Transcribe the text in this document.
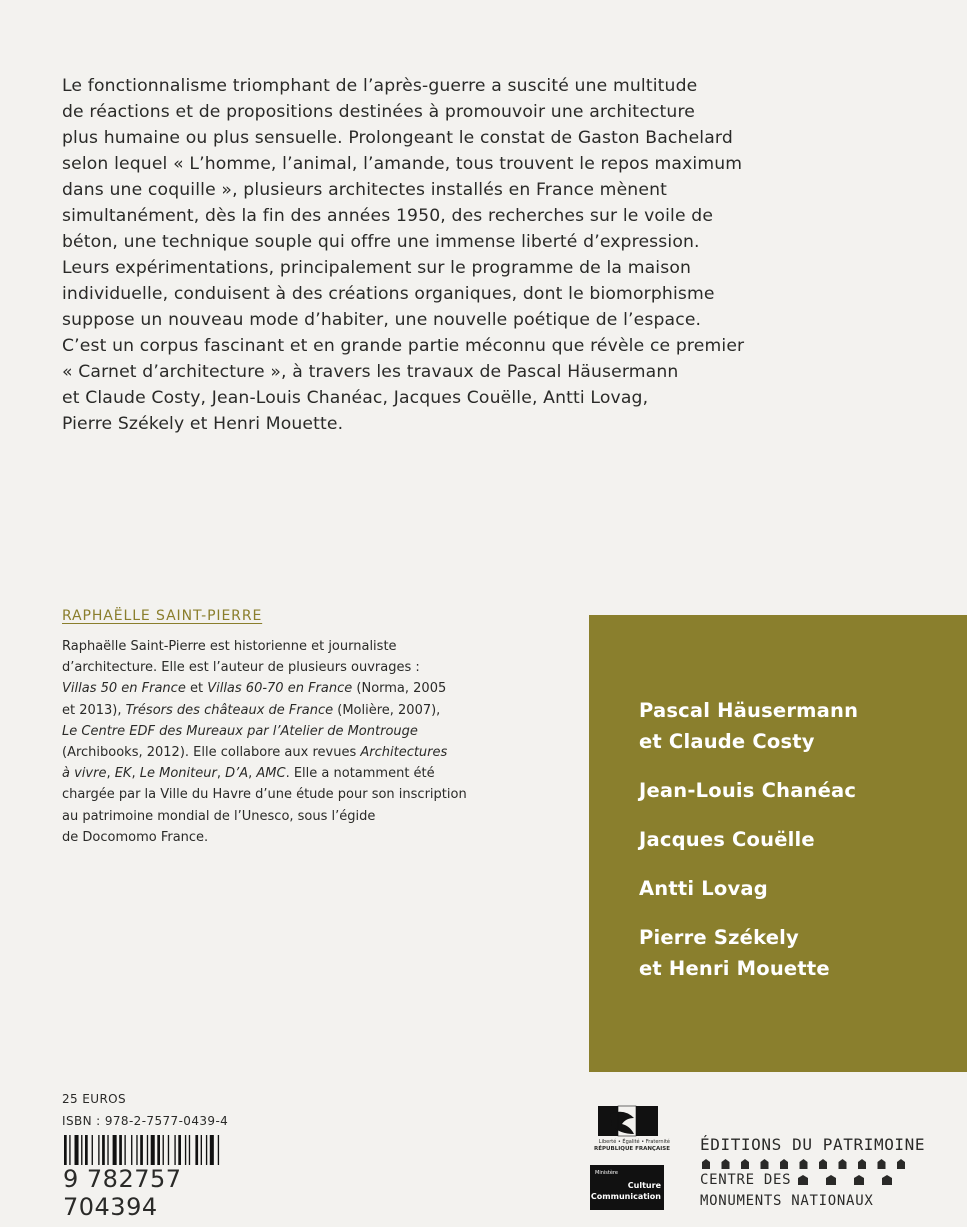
Le fonctionnalisme triomphant de l’après-guerre a suscité une multitude

de réactions et de propositions destinées à promouvoir une architecture

plus humaine ou plus sensuelle. Prolongeant le constat de Gaston Bachelard

selon lequel « L’homme, l’animal, l’amande, tous trouvent le repos maximum

dans une coquille », plusieurs architectes installés en France mènent

simultanément, dès la fin des années 1950, des recherches sur le voile de

béton, une technique souple qui offre une immense liberté d’expression.

Leurs expérimentations, principalement sur le programme de la maison

individuelle, conduisent à des créations organiques, dont le biomorphisme

suppose un nouveau mode d’habiter, une nouvelle poétique de l’espace.

C’est un corpus fascinant et en grande partie méconnu que révèle ce premier

« Carnet d’architecture », à travers les travaux de Pascal Häusermann

et Claude Costy, Jean-Louis Chanéac, Jacques Couëlle, Antti Lovag,

Pierre Székely et Henri Mouette.

RAPHAËLLE SAINT-PIERRE

Raphaëlle Saint-Pierre est historienne et journaliste

d’architecture. Elle est l’auteur de plusieurs ouvrages :

Villas 50 en France et Villas 60-70 en France (Norma, 2005

et 2013), Trésors des châteaux de France (Molière, 2007),

Le Centre EDF des Mureaux par l’Atelier de Montrouge

(Archibooks, 2012). Elle collabore aux revues Architectures

à vivre, EK, Le Moniteur, D’A, AMC. Elle a notamment été

chargée par la Ville du Havre d’une étude pour son inscription

au patrimoine mondial de l’Unesco, sous l’égide

de Docomomo France.

Pascal Häusermann
et Claude Costy
Jean-Louis Chanéac
Jacques Couëlle
Antti Lovag
Pierre Székely
et Henri Mouette
25 EUROS
ISBN : 978-2-7577-0439-4
9 782757 704394
Liberté • Égalité • Fraternité
RÉPUBLIQUE FRANÇAISE
Ministère
Culture
Communication
ÉDITIONS DU PATRIMOINE
CENTRE DES
MONUMENTS NATIONAUX
